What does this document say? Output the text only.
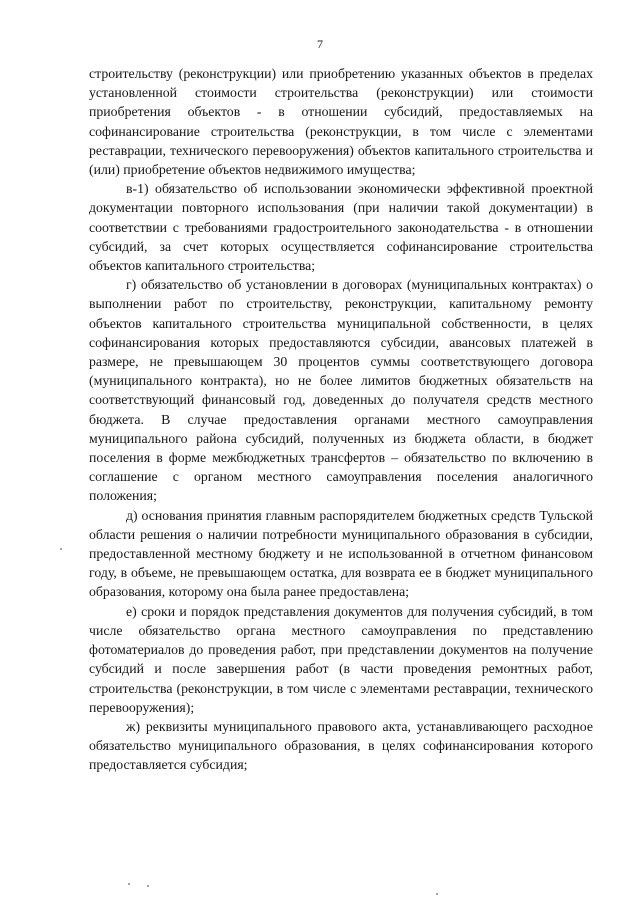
7

строительству (реконструкции) или приобретению указанных объектов в пределах установленной стоимости строительства (реконструкции) или стоимости приобретения объектов - в отношении субсидий, предоставляемых на софинансирование строительства (реконструкции, в том числе с элементами реставрации, технического перевооружения) объектов капитального строительства и (или) приобретение объектов недвижимого имущества;

в-1) обязательство об использовании экономически эффективной проектной документации повторного использования (при наличии такой документации) в соответствии с требованиями градостроительного законодательства - в отношении субсидий, за счет которых осуществляется софинансирование строительства объектов капитального строительства;

г) обязательство об установлении в договорах (муниципальных контрактах) о выполнении работ по строительству, реконструкции, капитальному ремонту объектов капитального строительства муниципальной собственности, в целях софинансирования которых предоставляются субсидии, авансовых платежей в размере, не превышающем 30 процентов суммы соответствующего договора (муниципального контракта), но не более лимитов бюджетных обязательств на соответствующий финансовый год, доведенных до получателя средств местного бюджета. В случае предоставления органами местного самоуправления муниципального района субсидий, полученных из бюджета области, в бюджет поселения в форме межбюджетных трансфертов – обязательство по включению в соглашение с органом местного самоуправления поселения аналогичного положения;

д) основания принятия главным распорядителем бюджетных средств Тульской области решения о наличии потребности муниципального образования в субсидии, предоставленной местному бюджету и не использованной в отчетном финансовом году, в объеме, не превышающем остатка, для возврата ее в бюджет муниципального образования, которому она была ранее предоставлена;

е) сроки и порядок представления документов для получения субсидий, в том числе обязательство органа местного самоуправления по представлению фотоматериалов до проведения работ, при представлении документов на получение субсидий и после завершения работ (в части проведения ремонтных работ, строительства (реконструкции, в том числе с элементами реставрации, технического перевооружения);

ж) реквизиты муниципального правового акта, устанавливающего расходное обязательство муниципального образования, в целях софинансирования которого предоставляется субсидия;
